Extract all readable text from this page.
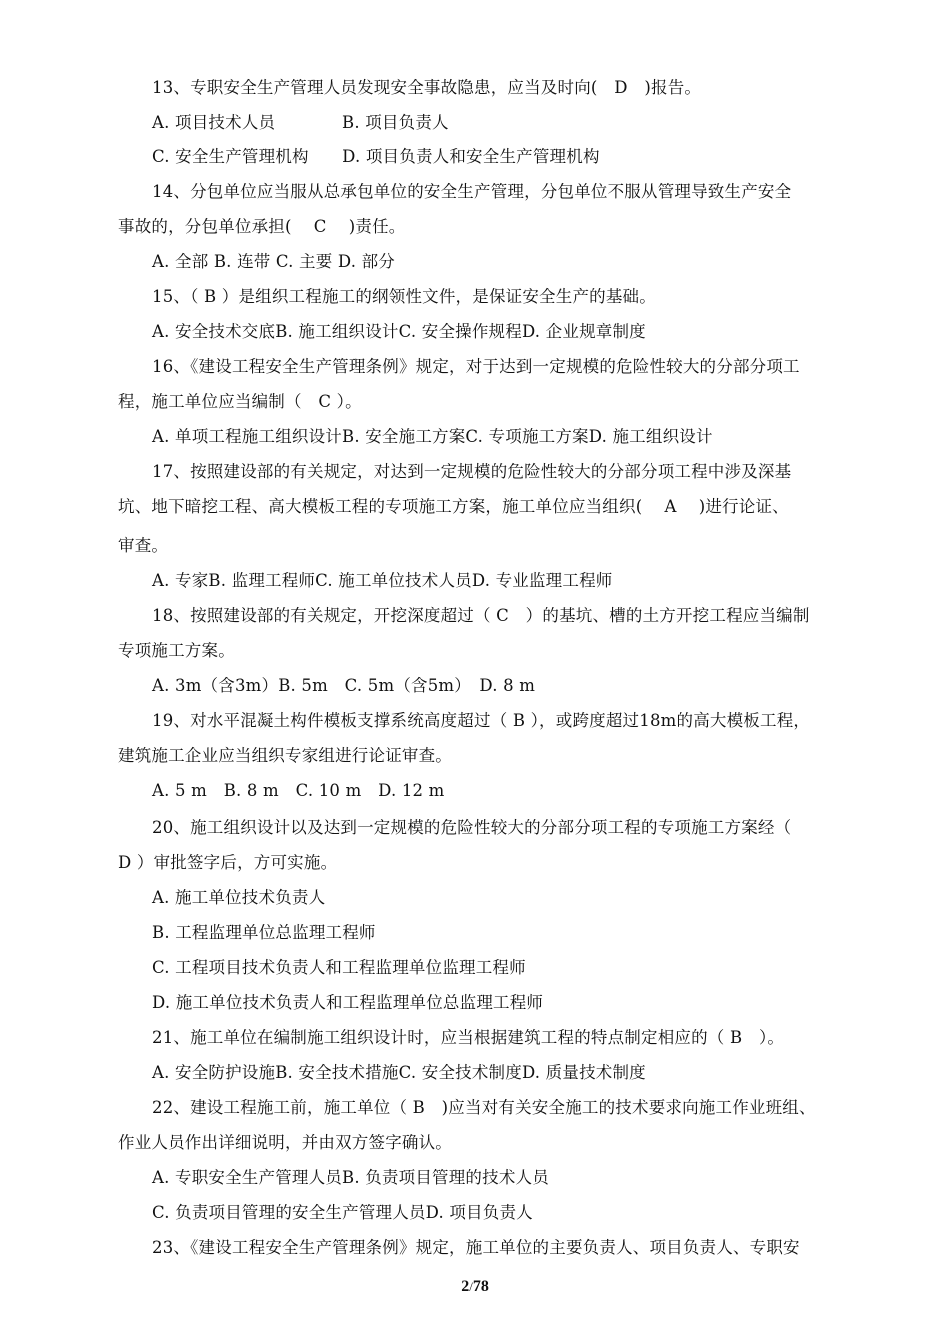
13、专职安全生产管理人员发现安全事故隐患，应当及时向(　D　)报告。
A. 项目技术人员　　　　B. 项目负责人
C. 安全生产管理机构　　D. 项目负责人和安全生产管理机构
14、分包单位应当服从总承包单位的安全生产管理，分包单位不服从管理导致生产安全
事故的，分包单位承担(　 C　 )责任。
A. 全部 B. 连带 C. 主要 D. 部分
15、（ B ）是组织工程施工的纲领性文件，是保证安全生产的基础。
A. 安全技术交底B. 施工组织设计C. 安全操作规程D. 企业规章制度
16、《建设工程安全生产管理条例》规定，对于达到一定规模的危险性较大的分部分项工
程，施工单位应当编制（　C ）。
A. 单项工程施工组织设计B. 安全施工方案C. 专项施工方案D. 施工组织设计
17、按照建设部的有关规定，对达到一定规模的危险性较大的分部分项工程中涉及深基
坑、地下暗挖工程、高大模板工程的专项施工方案，施工单位应当组织(　 A　 )进行论证、
审查。
A. 专家B. 监理工程师C. 施工单位技术人员D. 专业监理工程师
18、按照建设部的有关规定，开挖深度超过（ C　）的基坑、槽的土方开挖工程应当编制
专项施工方案。
A. 3m（含3m）B. 5m　C. 5m（含5m）　D. 8 m
19、对水平混凝土构件模板支撑系统高度超过（ B ），或跨度超过18m的高大模板工程，
建筑施工企业应当组织专家组进行论证审查。
A. 5 m　B. 8 m　C. 10 m　D. 12 m
20、施工组织设计以及达到一定规模的危险性较大的分部分项工程的专项施工方案经（
D ）审批签字后，方可实施。
A. 施工单位技术负责人
B. 工程监理单位总监理工程师
C. 工程项目技术负责人和工程监理单位监理工程师
D. 施工单位技术负责人和工程监理单位总监理工程师
21、施工单位在编制施工组织设计时，应当根据建筑工程的特点制定相应的（ B　）。
A. 安全防护设施B. 安全技术措施C. 安全技术制度D. 质量技术制度
22、建设工程施工前，施工单位（ B　)应当对有关安全施工的技术要求向施工作业班组、
作业人员作出详细说明，并由双方签字确认。
A. 专职安全生产管理人员B. 负责项目管理的技术人员
C. 负责项目管理的安全生产管理人员D. 项目负责人
23、《建设工程安全生产管理条例》规定，施工单位的主要负责人、项目负责人、专职安
2/78
